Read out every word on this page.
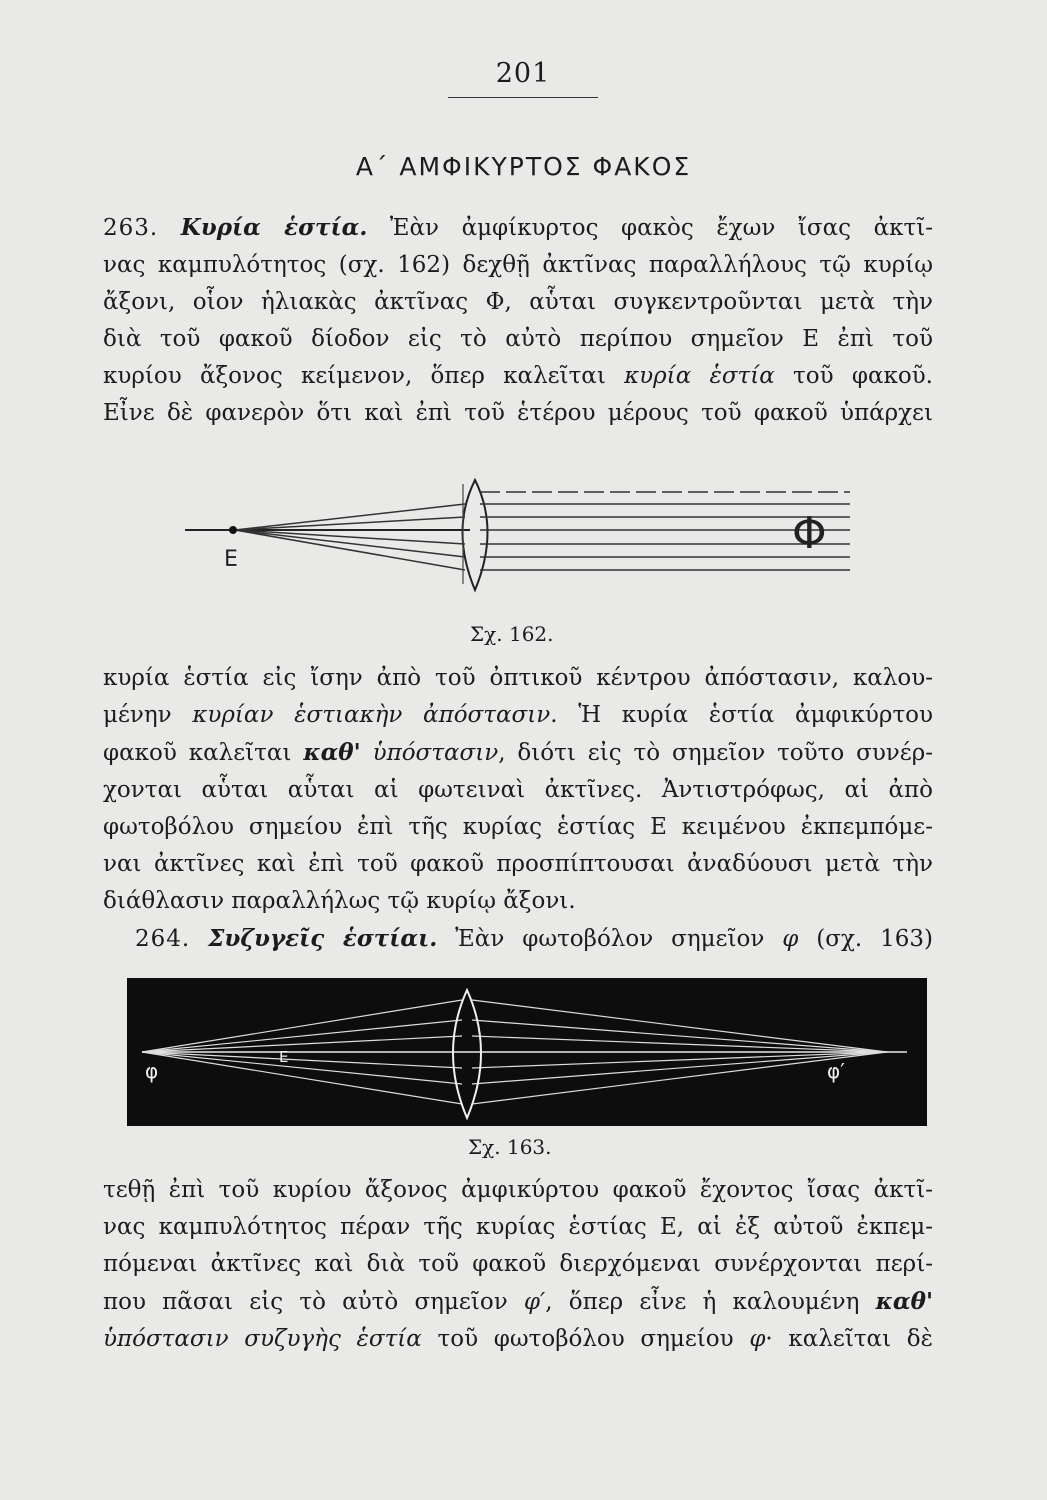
201
Α΄ ΑΜΦΙΚΥΡΤΟΣ ΦΑΚΟΣ
263. Κυρία ἑστία. Ἐὰν ἀμφίκυρτος φακὸς ἔχων ἴσας ἀκτῖ-
νας καμπυλότητος (σχ. 162) δεχθῇ ἀκτῖνας παραλλήλους τῷ κυρίῳ
ἄξονι, οἷον ἡλιακὰς ἀκτῖνας Φ, αὗται συγκεντροῦνται μετὰ τὴν
διὰ τοῦ φακοῦ δίοδον εἰς τὸ αὐτὸ περίπου σημεῖον Ε ἐπὶ τοῦ
κυρίου ἄξονος κείμενον, ὅπερ καλεῖται κυρία ἑστία τοῦ φακοῦ.
Εἶνε δὲ φανερὸν ὅτι καὶ ἐπὶ τοῦ ἑτέρου μέρους τοῦ φακοῦ ὑπάρχει
Ε
Φ
Σχ. 162.
κυρία ἑστία εἰς ἴσην ἀπὸ τοῦ ὀπτικοῦ κέντρου ἀπόστασιν, καλου-
μένην κυρίαν ἑστιακὴν ἀπόστασιν. Ἡ κυρία ἑστία ἀμφικύρτου
φακοῦ καλεῖται καθ' ὑπόστασιν, διότι εἰς τὸ σημεῖον τοῦτο συνέρ-
χονται αὗται αὗται αἱ φωτειναὶ ἀκτῖνες. Ἀντιστρόφως, αἱ ἀπὸ
φωτοβόλου σημείου ἐπὶ τῆς κυρίας ἑστίας Ε κειμένου ἐκπεμπόμε-
ναι ἀκτῖνες καὶ ἐπὶ τοῦ φακοῦ προσπίπτουσαι ἀναδύουσι μετὰ τὴν
διάθλασιν παραλλήλως τῷ κυρίῳ ἄξονι.
264. Συζυγεῖς ἑστίαι. Ἐὰν φωτοβόλον σημεῖον φ (σχ. 163)
φ
Ε
φ′
Σχ. 163.
τεθῇ ἐπὶ τοῦ κυρίου ἄξονος ἀμφικύρτου φακοῦ ἔχοντος ἴσας ἀκτῖ-
νας καμπυλότητος πέραν τῆς κυρίας ἑστίας Ε, αἱ ἐξ αὐτοῦ ἐκπεμ-
πόμεναι ἀκτῖνες καὶ διὰ τοῦ φακοῦ διερχόμεναι συνέρχονται περί-
που πᾶσαι εἰς τὸ αὐτὸ σημεῖον φ′, ὅπερ εἶνε ἡ καλουμένη καθ'
ὑπόστασιν συζυγὴς ἑστία τοῦ φωτοβόλου σημείου φ· καλεῖται δὲ
